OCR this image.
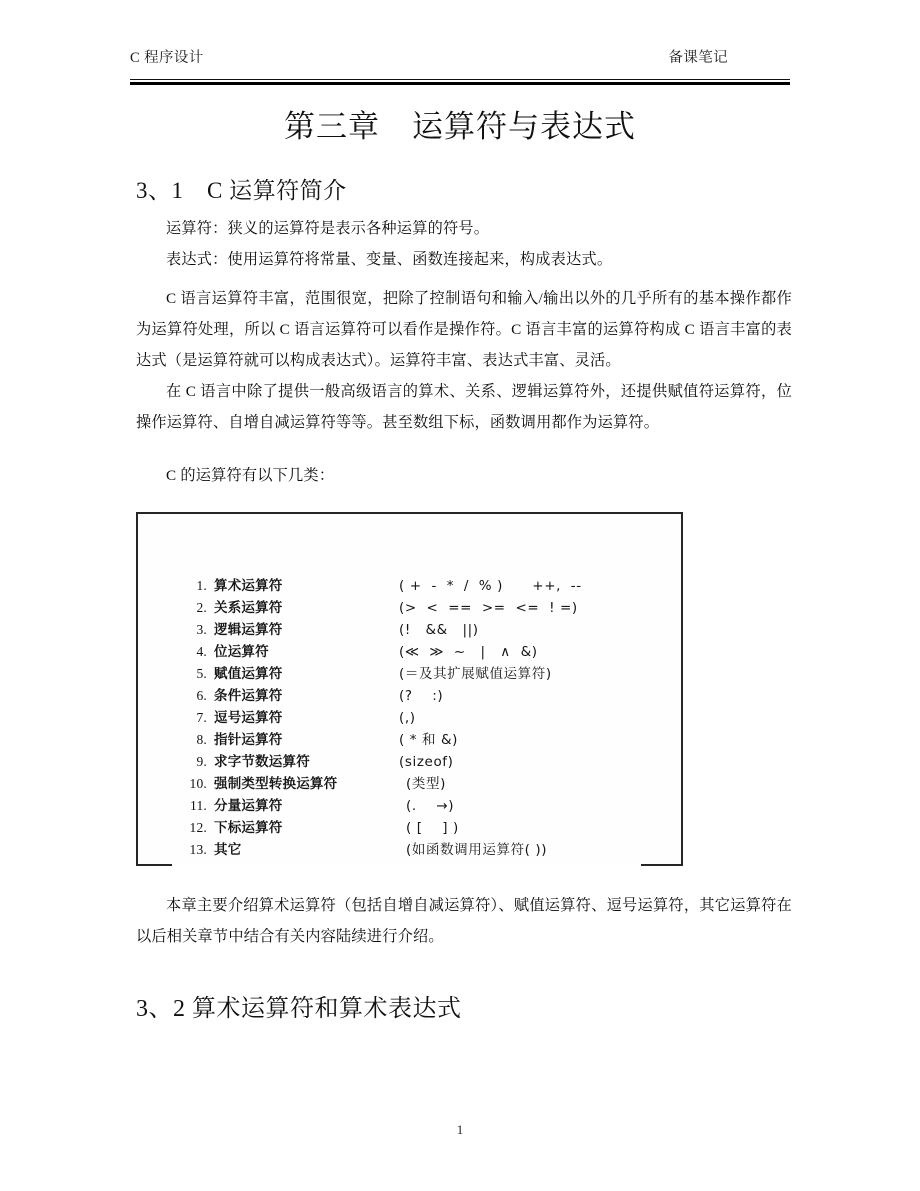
C 程序设计	备课笔记
第三章　运算符与表达式
3、1　C 运算符简介
运算符：狭义的运算符是表示各种运算的符号。
表达式：使用运算符将常量、变量、函数连接起来，构成表达式。
C 语言运算符丰富，范围很宽，把除了控制语句和输入/输出以外的几乎所有的基本操作都作为运算符处理，所以 C 语言运算符可以看作是操作符。C 语言丰富的运算符构成 C 语言丰富的表达式（是运算符就可以构成表达式）。运算符丰富、表达式丰富、灵活。
在 C 语言中除了提供一般高级语言的算术、关系、逻辑运算符外，还提供赋值符运算符，位操作运算符、自增自减运算符等等。甚至数组下标，函数调用都作为运算符。
C 的运算符有以下几类：
1. 算术运算符	( +  -  *  /  % )      ++,  --
2. 关系运算符	(>  <  ==  >=  <=  ! =)
3. 逻辑运算符	(!   &&   ||)
4. 位运算符	(≪  ≫  ~   |   ∧  &)
5. 赋值运算符	(＝及其扩展赋值运算符)
6. 条件运算符	(?    :)
7. 逗号运算符	(,)
8. 指针运算符	( * 和 &)
9. 求字节数运算符	(sizeof)
10. 强制类型转换运算符	(类型)
11. 分量运算符	(.    →)
12. 下标运算符	( [    ] )
13. 其它	(如函数调用运算符( ))
本章主要介绍算术运算符（包括自增自减运算符）、赋值运算符、逗号运算符，其它运算符在以后相关章节中结合有关内容陆续进行介绍。
3、2 算术运算符和算术表达式
1
